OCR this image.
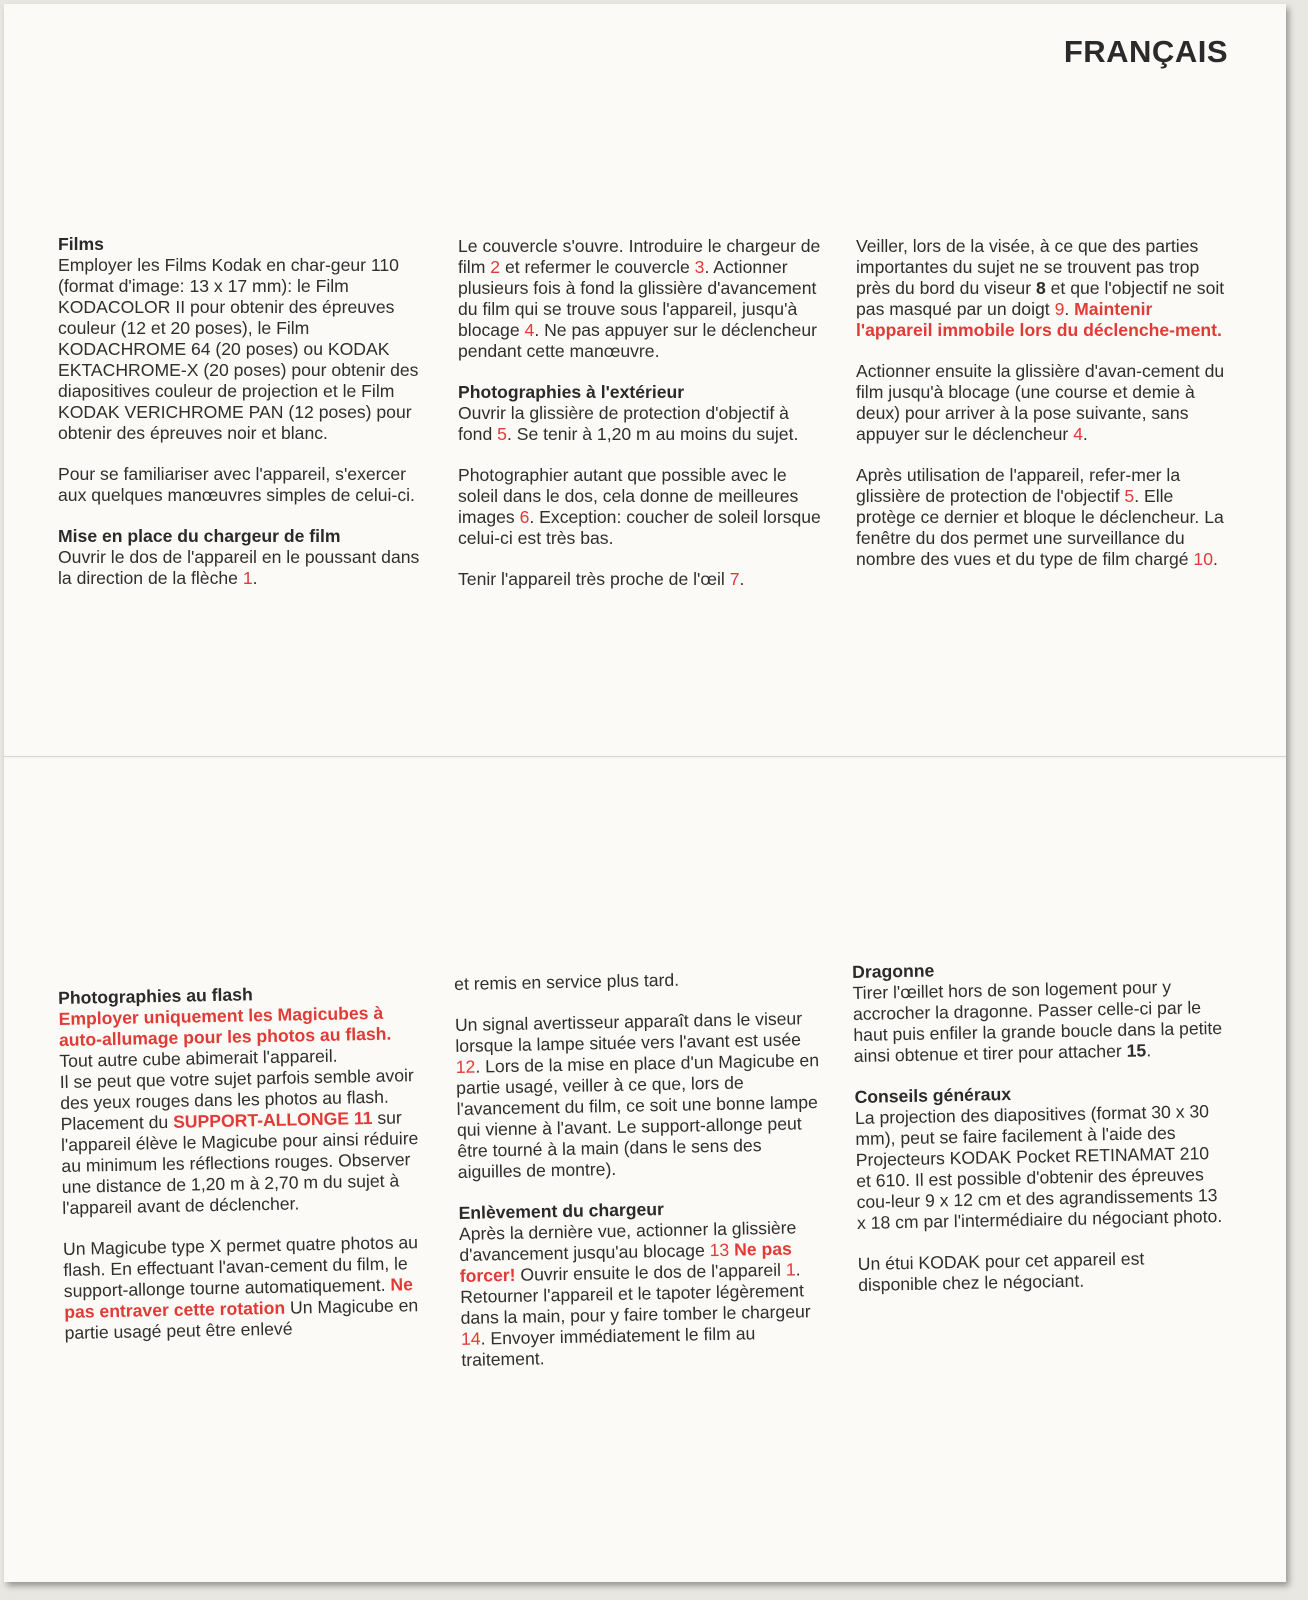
FRANÇAIS

Films
Employer les Films Kodak en char-geur 110 (format d'image: 13 x 17 mm): le Film KODACOLOR II pour obtenir des épreuves couleur (12 et 20 poses), le Film KODACHROME 64 (20 poses) ou KODAK EKTACHROME-X (20 poses) pour obtenir des diapositives couleur de projection et le Film KODAK VERICHROME PAN (12 poses) pour obtenir des épreuves noir et blanc.

Pour se familiariser avec l'appareil, s'exercer aux quelques manœuvres simples de celui-ci.

Mise en place du chargeur de film
Ouvrir le dos de l'appareil en le poussant dans la direction de la flèche 1.

Le couvercle s'ouvre. Introduire le chargeur de film 2 et refermer le couvercle 3. Actionner plusieurs fois à fond la glissière d'avancement du film qui se trouve sous l'appareil, jusqu'à blocage 4. Ne pas appuyer sur le déclencheur pendant cette manœuvre.

Photographies à l'extérieur
Ouvrir la glissière de protection d'objectif à fond 5. Se tenir à 1,20 m au moins du sujet.

Photographier autant que possible avec le soleil dans le dos, cela donne de meilleures images 6. Exception: coucher de soleil lorsque celui-ci est très bas.

Tenir l'appareil très proche de l'œil 7.

Veiller, lors de la visée, à ce que des parties importantes du sujet ne se trouvent pas trop près du bord du viseur 8 et que l'objectif ne soit pas masqué par un doigt 9. Maintenir l'appareil immobile lors du déclenche-ment.

Actionner ensuite la glissière d'avan-cement du film jusqu'à blocage (une course et demie à deux) pour arriver à la pose suivante, sans appuyer sur le déclencheur 4.

Après utilisation de l'appareil, refer-mer la glissière de protection de l'objectif 5. Elle protège ce dernier et bloque le déclencheur. La fenêtre du dos permet une surveillance du nombre des vues et du type de film chargé 10.

Photographies au flash
Employer uniquement les Magicubes à auto-allumage pour les photos au flash. Tout autre cube abimerait l'appareil.
Il se peut que votre sujet parfois semble avoir des yeux rouges dans les photos au flash. Placement du SUPPORT-ALLONGE 11 sur l'appareil élève le Magicube pour ainsi réduire au minimum les réflections rouges. Observer une distance de 1,20 m à 2,70 m du sujet à l'appareil avant de déclencher.

Un Magicube type X permet quatre photos au flash. En effectuant l'avan-cement du film, le support-allonge tourne automatiquement. Ne pas entraver cette rotation Un Magicube en partie usagé peut être enlevé

et remis en service plus tard.

Un signal avertisseur apparaît dans le viseur lorsque la lampe située vers l'avant est usée 12. Lors de la mise en place d'un Magicube en partie usagé, veiller à ce que, lors de l'avancement du film, ce soit une bonne lampe qui vienne à l'avant. Le support-allonge peut être tourné à la main (dans le sens des aiguilles de montre).

Enlèvement du chargeur
Après la dernière vue, actionner la glissière d'avancement jusqu'au blocage 13 Ne pas forcer! Ouvrir ensuite le dos de l'appareil 1. Retourner l'appareil et le tapoter légèrement dans la main, pour y faire tomber le chargeur 14. Envoyer immédiatement le film au traitement.

Dragonne
Tirer l'œillet hors de son logement pour y accrocher la dragonne. Passer celle-ci par le haut puis enfiler la grande boucle dans la petite ainsi obtenue et tirer pour attacher 15.

Conseils généraux
La projection des diapositives (format 30 x 30 mm), peut se faire facilement à l'aide des Projecteurs KODAK Pocket RETINAMAT 210 et 610. Il est possible d'obtenir des épreuves cou-leur 9 x 12 cm et des agrandissements 13 x 18 cm par l'intermédiaire du négociant photo.

Un étui KODAK pour cet appareil est disponible chez le négociant.
